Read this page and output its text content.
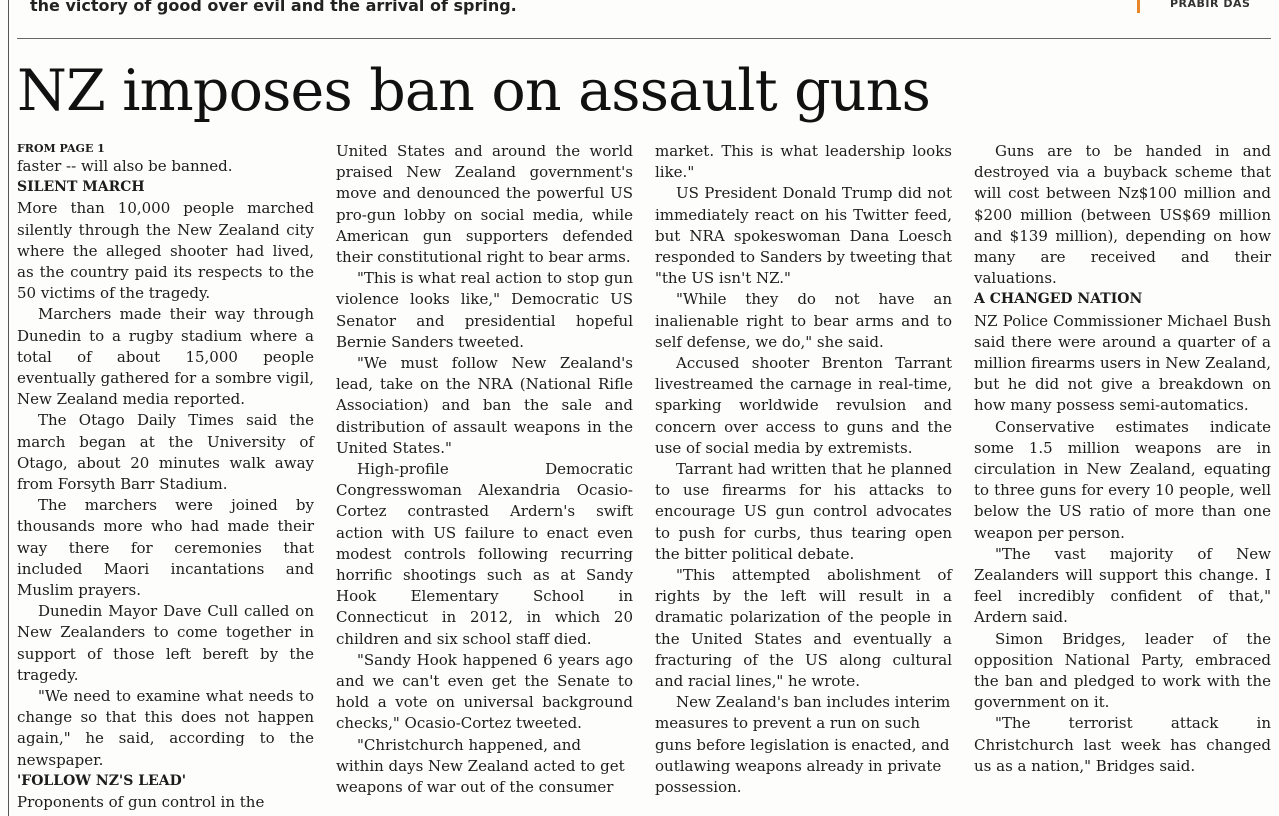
the victory of good over evil and the arrival of spring.	PRABIR DAS
NZ imposes ban on assault guns
FROM PAGE 1

faster -- will also be banned.

SILENT MARCH

More than 10,000 people marched silently through the New Zealand city where the alleged shooter had lived, as the country paid its respects to the 50 victims of the tragedy.

Marchers made their way through Dunedin to a rugby stadium where a total of about 15,000 people eventually gathered for a sombre vigil, New Zealand media reported.

The Otago Daily Times said the march began at the University of Otago, about 20 minutes walk away from Forsyth Barr Stadium.

The marchers were joined by thousands more who had made their way there for ceremonies that included Maori incantations and Muslim prayers.

Dunedin Mayor Dave Cull called on New Zealanders to come together in support of those left bereft by the tragedy.

"We need to examine what needs to change so that this does not happen again," he said, according to the newspaper.

'FOLLOW NZ'S LEAD'

Proponents of gun control in the

United States and around the world praised New Zealand government's move and denounced the powerful US pro-gun lobby on social media, while American gun supporters defended their constitutional right to bear arms.

"This is what real action to stop gun violence looks like," Democratic US Senator and presidential hopeful Bernie Sanders tweeted.

"We must follow New Zealand's lead, take on the NRA (National Rifle Association) and ban the sale and distribution of assault weapons in the United States."

High-profile Democratic Congresswoman Alexandria Ocasio-Cortez contrasted Ardern's swift action with US failure to enact even modest controls following recurring horrific shootings such as at Sandy Hook Elementary School in Connecticut in 2012, in which 20 children and six school staff died.

"Sandy Hook happened 6 years ago and we can't even get the Senate to hold a vote on universal background checks," Ocasio-Cortez tweeted.

"Christchurch happened, and within days New Zealand acted to get weapons of war out of the consumer

market. This is what leadership looks like."

US President Donald Trump did not immediately react on his Twitter feed, but NRA spokeswoman Dana Loesch responded to Sanders by tweeting that "the US isn't NZ."

"While they do not have an inalienable right to bear arms and to self defense, we do," she said.

Accused shooter Brenton Tarrant livestreamed the carnage in real-time, sparking worldwide revulsion and concern over access to guns and the use of social media by extremists.

Tarrant had written that he planned to use firearms for his attacks to encourage US gun control advocates to push for curbs, thus tearing open the bitter political debate.

"This attempted abolishment of rights by the left will result in a dramatic polarization of the people in the United States and eventually a fracturing of the US along cultural and racial lines," he wrote.

New Zealand's ban includes interim measures to prevent a run on such guns before legislation is enacted, and outlawing weapons already in private possession.

Guns are to be handed in and destroyed via a buyback scheme that will cost between Nz$100 million and $200 million (between US$69 million and $139 million), depending on how many are received and their valuations.

A CHANGED NATION

NZ Police Commissioner Michael Bush said there were around a quarter of a million firearms users in New Zealand, but he did not give a breakdown on how many possess semi-automatics.

Conservative estimates indicate some 1.5 million weapons are in circulation in New Zealand, equating to three guns for every 10 people, well below the US ratio of more than one weapon per person.

"The vast majority of New Zealanders will support this change. I feel incredibly confident of that," Ardern said.

Simon Bridges, leader of the opposition National Party, embraced the ban and pledged to work with the government on it.

"The terrorist attack in Christchurch last week has changed us as a nation," Bridges said.
